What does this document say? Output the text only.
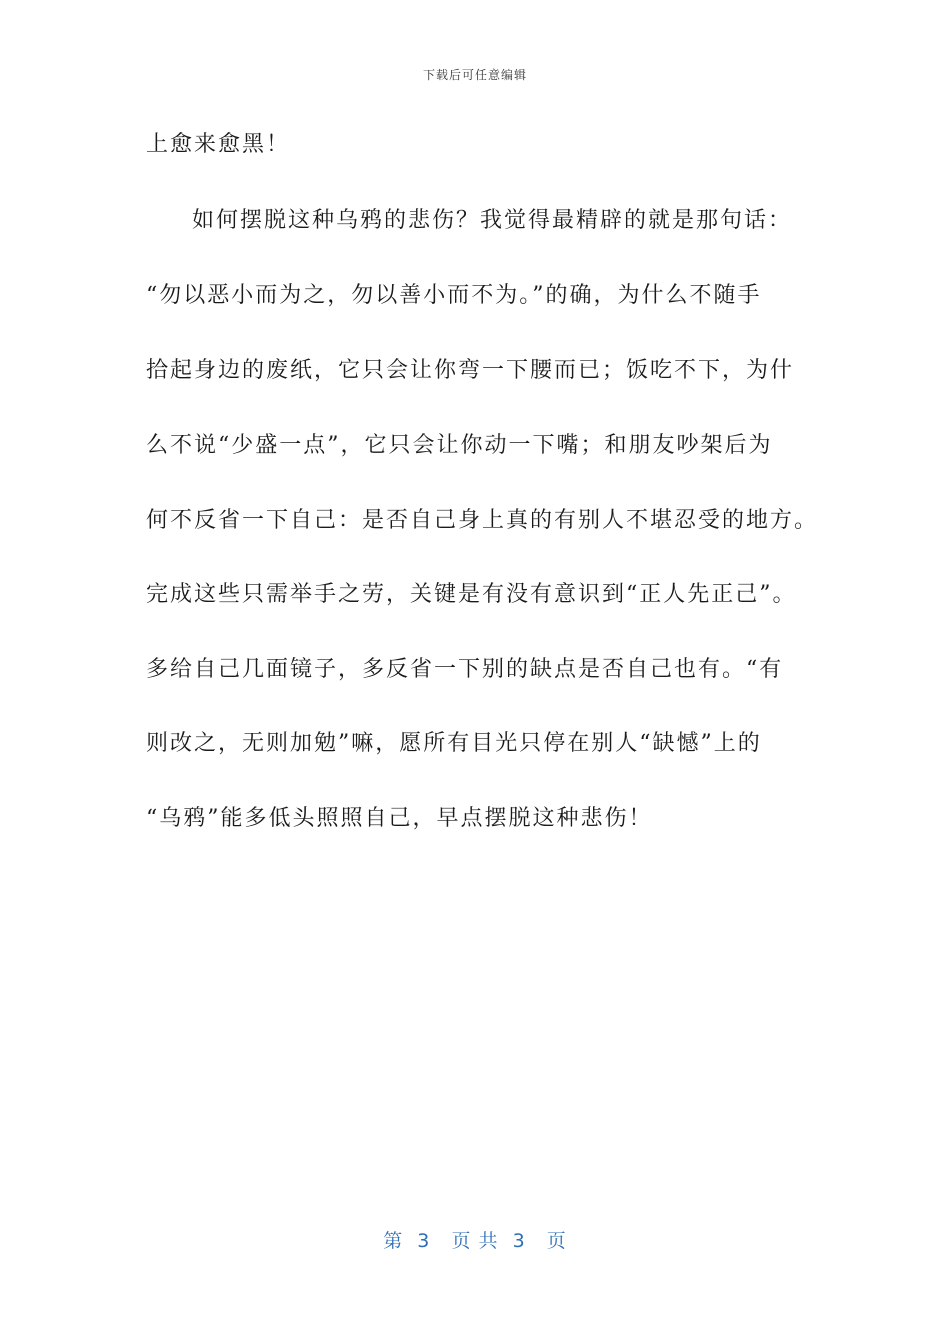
下载后可任意编辑
上愈来愈黑！
如何摆脱这种乌鸦的悲伤？我觉得最精辟的就是那句话：
“勿以恶小而为之，勿以善小而不为。”的确，为什么不随手
拾起身边的废纸，它只会让你弯一下腰而已；饭吃不下，为什
么不说“少盛一点”，它只会让你动一下嘴；和朋友吵架后为
何不反省一下自己：是否自己身上真的有别人不堪忍受的地方。
完成这些只需举手之劳，关键是有没有意识到“正人先正己”。
多给自己几面镜子，多反省一下别的缺点是否自己也有。“有
则改之，无则加勉”嘛，愿所有目光只停在别人“缺憾”上的
“乌鸦”能多低头照照自己，早点摆脱这种悲伤！
第  3   页 共  3   页
